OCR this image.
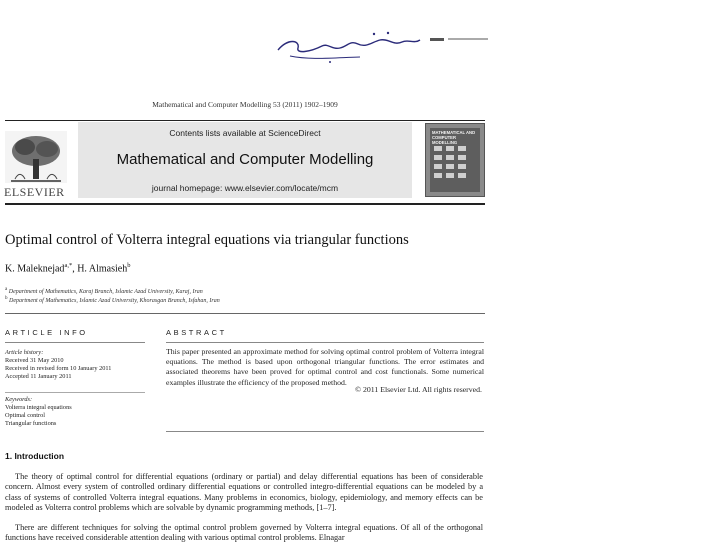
Mathematical and Computer Modelling 53 (2011) 1902–1909
ELSEVIER
Contents lists available at ScienceDirect
Mathematical and Computer Modelling
journal homepage: www.elsevier.com/locate/mcm
MATHEMATICAL AND COMPUTER MODELLING
Optimal control of Volterra integral equations via triangular functions
K. Maleknejad$^{a,*}$, H. Almasieh$^b$
$^a$ Department of Mathematics, Karaj Branch, Islamic Azad University, Karaj, Iran
$^b$ Department of Mathematics, Islamic Azad University, Khorasgan Branch, Isfahan, Iran
ARTICLE INFO
Article history:
Received 31 May 2010
Received in revised form 10 January 2011
Accepted 11 January 2011
Keywords:
Volterra integral equations
Optimal control
Triangular functions
ABSTRACT
This paper presented an approximate method for solving optimal control problem of Volterra integral equations. The method is based upon orthogonal triangular functions. The error estimates and associated theorems have been proved for optimal control and cost functionals. Some numerical examples illustrate the efficiency of the proposed method.
© 2011 Elsevier Ltd. All rights reserved.
1. Introduction
The theory of optimal control for differential equations (ordinary or partial) and delay differential equations has been of considerable concern. Almost every system of controlled ordinary differential equations or controlled integro-differential equations can be modeled by a class of systems of controlled Volterra integral equations. Many problems in economics, biology, epidemiology, and memory effects can be modeled as Volterra control problems which are solvable by dynamic programming methods, [1–7].
There are different techniques for solving the optimal control problem governed by Volterra integral equations. Of all of the orthogonal functions have received considerable attention dealing with various optimal control problems. Elnagar
